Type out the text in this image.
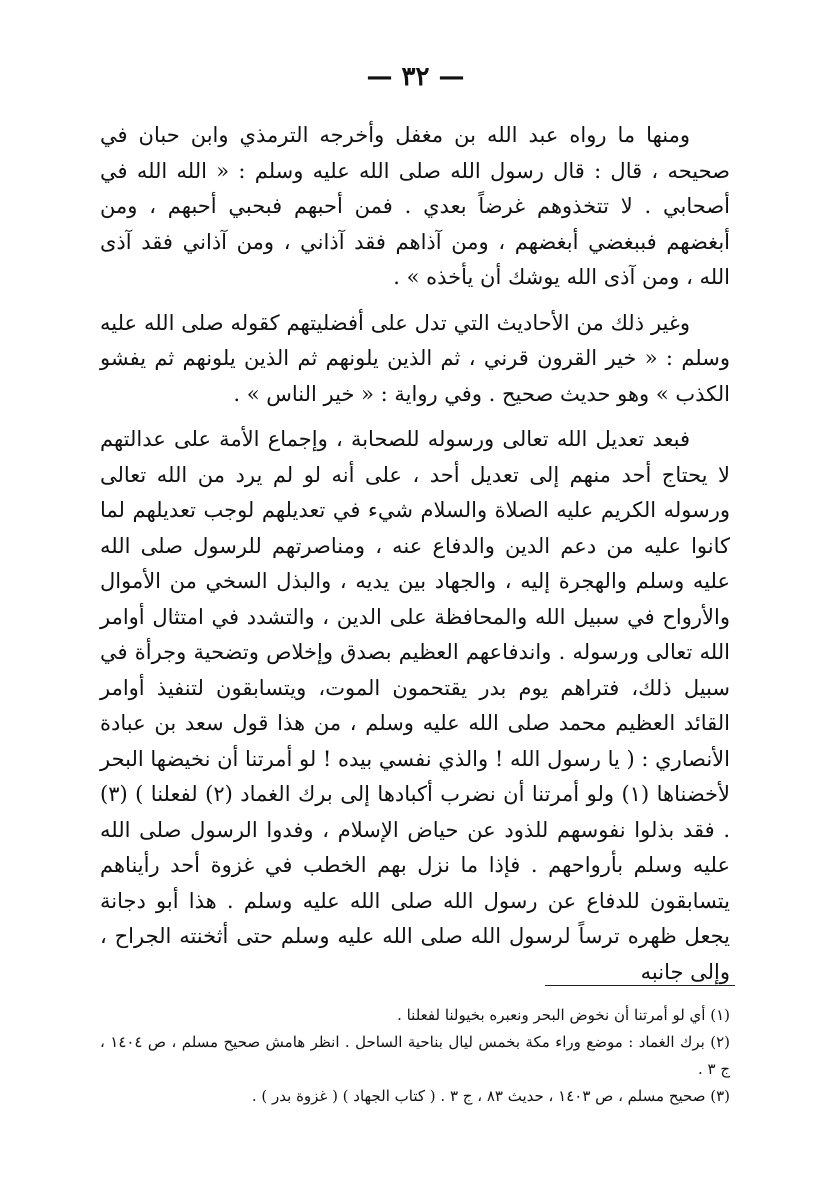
— ٣٢ —

ومنها ما رواه عبد الله بن مغفل وأخرجه الترمذي وابن حبان في صحيحه ، قال : قال رسول الله صلى الله عليه وسلم : « الله الله في أصحابي . لا تتخذوهم غرضاً بعدي . فمن أحبهم فبحبي أحبهم ، ومن أبغضهم فببغضي أبغضهم ، ومن آذاهم فقد آذاني ، ومن آذاني فقد آذى الله ، ومن آذى الله يوشك أن يأخذه » .

وغير ذلك من الأحاديث التي تدل على أفضليتهم كقوله صلى الله عليه وسلم : « خير القرون قرني ، ثم الذين يلونهم ثم الذين يلونهم ثم يفشو الكذب » وهو حديث صحيح . وفي رواية : « خير الناس » .

فبعد تعديل الله تعالى ورسوله للصحابة ، وإجماع الأمة على عدالتهم لا يحتاج أحد منهم إلى تعديل أحد ، على أنه لو لم يرد من الله تعالى ورسوله الكريم عليه الصلاة والسلام شيء في تعديلهم لوجب تعديلهم لما كانوا عليه من دعم الدين والدفاع عنه ، ومناصرتهم للرسول صلى الله عليه وسلم والهجرة إليه ، والجهاد بين يديه ، والبذل السخي من الأموال والأرواح في سبيل الله والمحافظة على الدين ، والتشدد في امتثال أوامر الله تعالى ورسوله . واندفاعهم العظيم بصدق وإخلاص وتضحية وجرأة في سبيل ذلك، فتراهم يوم بدر يقتحمون الموت، ويتسابقون لتنفيذ أوامر القائد العظيم محمد صلى الله عليه وسلم ، من هذا قول سعد بن عبادة الأنصاري : ( يا رسول الله ! والذي نفسي بيده ! لو أمرتنا أن نخيضها البحر لأخضناها (١) ولو أمرتنا أن نضرب أكبادها إلى برك الغماد (٢) لفعلنا ) (٣) . فقد بذلوا نفوسهم للذود عن حياض الإسلام ، وفدوا الرسول صلى الله عليه وسلم بأرواحهم . فإذا ما نزل بهم الخطب في غزوة أحد رأيناهم يتسابقون للدفاع عن رسول الله صلى الله عليه وسلم . هذا أبو دجانة يجعل ظهره ترساً لرسول الله صلى الله عليه وسلم حتى أثخنته الجراح ، وإلى جانبه

(١) أي لو أمرتنا أن نخوض البحر ونعبره بخيولنا لفعلنا .

(٢) برك الغماد : موضع وراء مكة بخمس ليال بناحية الساحل . انظر هامش صحيح مسلم ، ص ١٤٠٤ ، ج ٣ .

(٣) صحيح مسلم ، ص ١٤٠٣ ، حديث ٨٣ ، ج ٣ . ( كتاب الجهاد ) ( غزوة بدر ) .
